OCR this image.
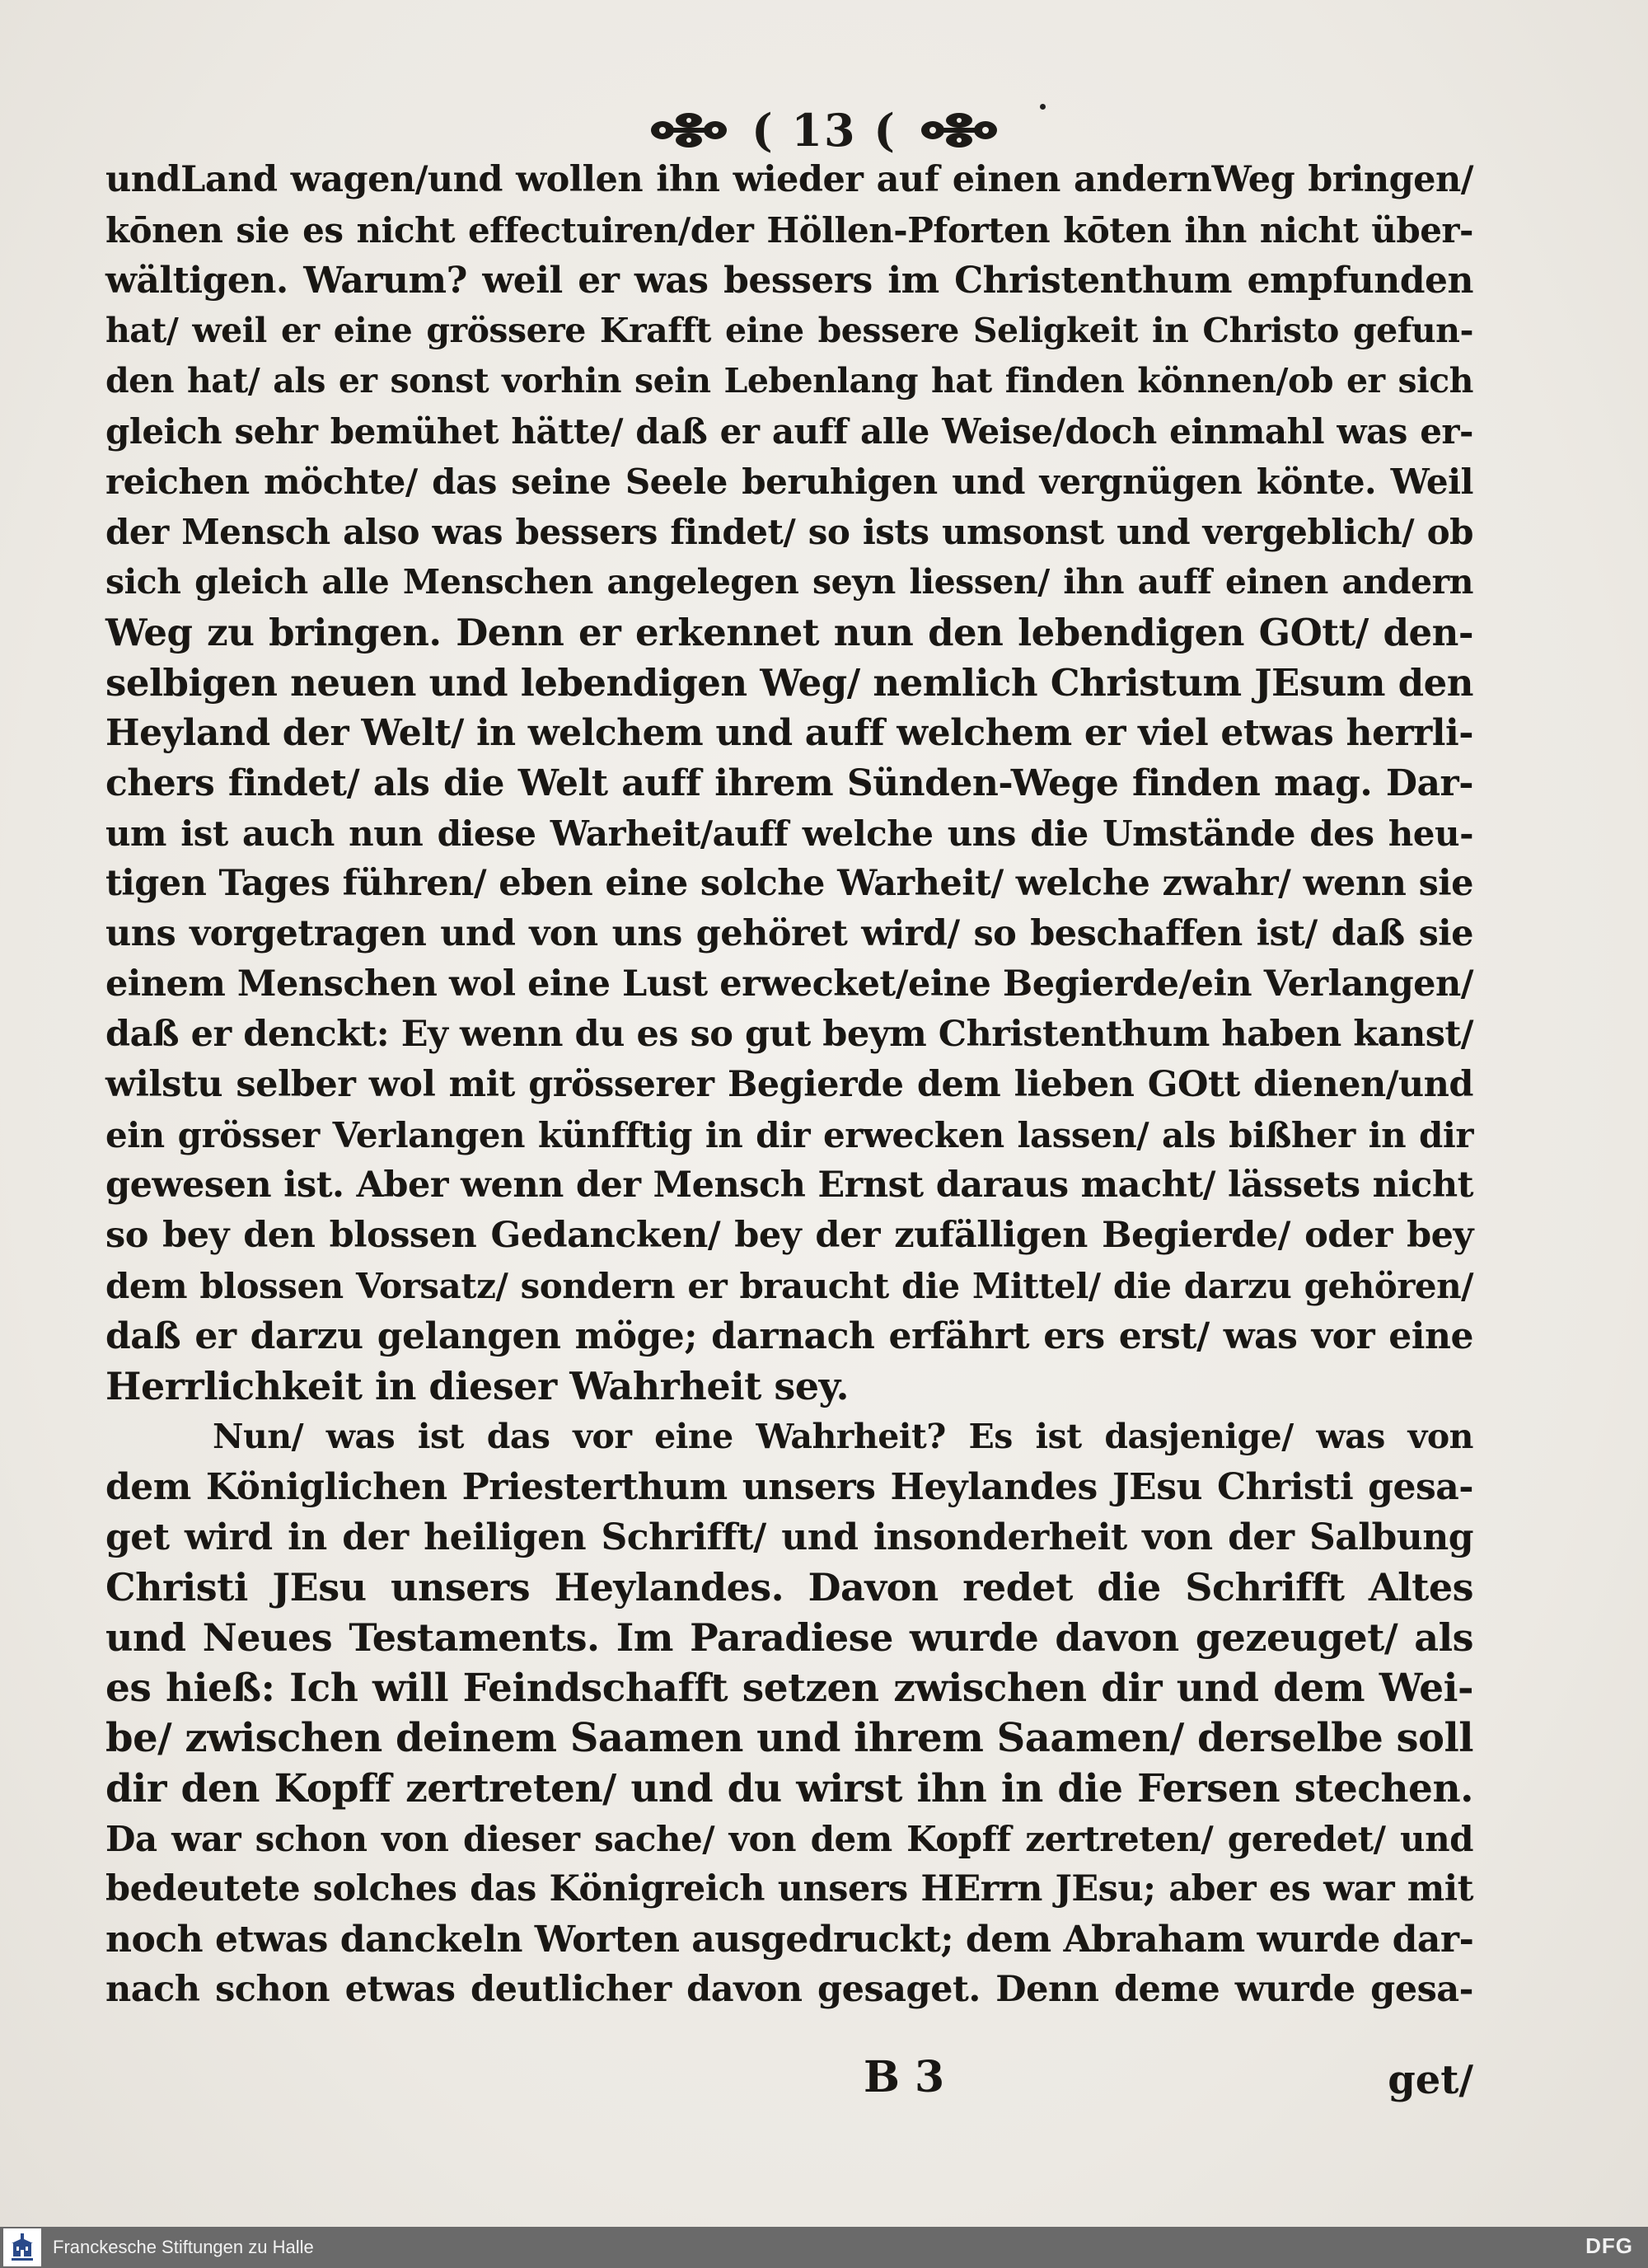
( 13 (
undLand wagen/und wollen ihn wieder auf einen andernWeg bringen/
kōnen sie es nicht effectuiren/der Höllen-Pforten kōten ihn nicht über-
wältigen. Warum? weil er was bessers im Christenthum empfunden
hat/ weil er eine grössere Krafft eine bessere Seligkeit in Christo gefun-
den hat/ als er sonst vorhin sein Lebenlang hat finden können/ob er sich
gleich sehr bemühet hätte/ daß er auff alle Weise/doch einmahl was er-
reichen möchte/ das seine Seele beruhigen und vergnügen könte. Weil
der Mensch also was bessers findet/ so ists umsonst und vergeblich/ ob
sich gleich alle Menschen angelegen seyn liessen/ ihn auff einen andern
Weg zu bringen. Denn er erkennet nun den lebendigen GOtt/ den-
selbigen neuen und lebendigen Weg/ nemlich Christum JEsum den
Heyland der Welt/ in welchem und auff welchem er viel etwas herrli-
chers findet/ als die Welt auff ihrem Sünden-Wege finden mag. Dar-
um ist auch nun diese Warheit/auff welche uns die Umstände des heu-
tigen Tages führen/ eben eine solche Warheit/ welche zwahr/ wenn sie
uns vorgetragen und von uns gehöret wird/ so beschaffen ist/ daß sie
einem Menschen wol eine Lust erwecket/eine Begierde/ein Verlangen/
daß er denckt: Ey wenn du es so gut beym Christenthum haben kanst/
wilstu selber wol mit grösserer Begierde dem lieben GOtt dienen/und
ein grösser Verlangen künfftig in dir erwecken lassen/ als bißher in dir
gewesen ist. Aber wenn der Mensch Ernst daraus macht/ lässets nicht
so bey den blossen Gedancken/ bey der zufälligen Begierde/ oder bey
dem blossen Vorsatz/ sondern er braucht die Mittel/ die darzu gehören/
daß er darzu gelangen möge; darnach erfährt ers erst/ was vor eine
Herrlichkeit in dieser Wahrheit sey.
Nun/ was ist das vor eine Wahrheit? Es ist dasjenige/ was von
dem Königlichen Priesterthum unsers Heylandes JEsu Christi gesa-
get wird in der heiligen Schrifft/ und insonderheit von der Salbung
Christi JEsu unsers Heylandes. Davon redet die Schrifft Altes
und Neues Testaments. Im Paradiese wurde davon gezeuget/ als
es hieß: Ich will Feindschafft setzen zwischen dir und dem Wei-
be/ zwischen deinem Saamen und ihrem Saamen/ derselbe soll
dir den Kopff zertreten/ und du wirst ihn in die Fersen stechen.
Da war schon von dieser sache/ von dem Kopff zertreten/ geredet/ und
bedeutete solches das Königreich unsers HErrn JEsu; aber es war mit
noch etwas danckeln Worten ausgedruckt; dem Abraham wurde dar-
nach schon etwas deutlicher davon gesaget. Denn deme wurde gesa-
B 3	get/
Franckesche Stiftungen zu Halle	DFG
